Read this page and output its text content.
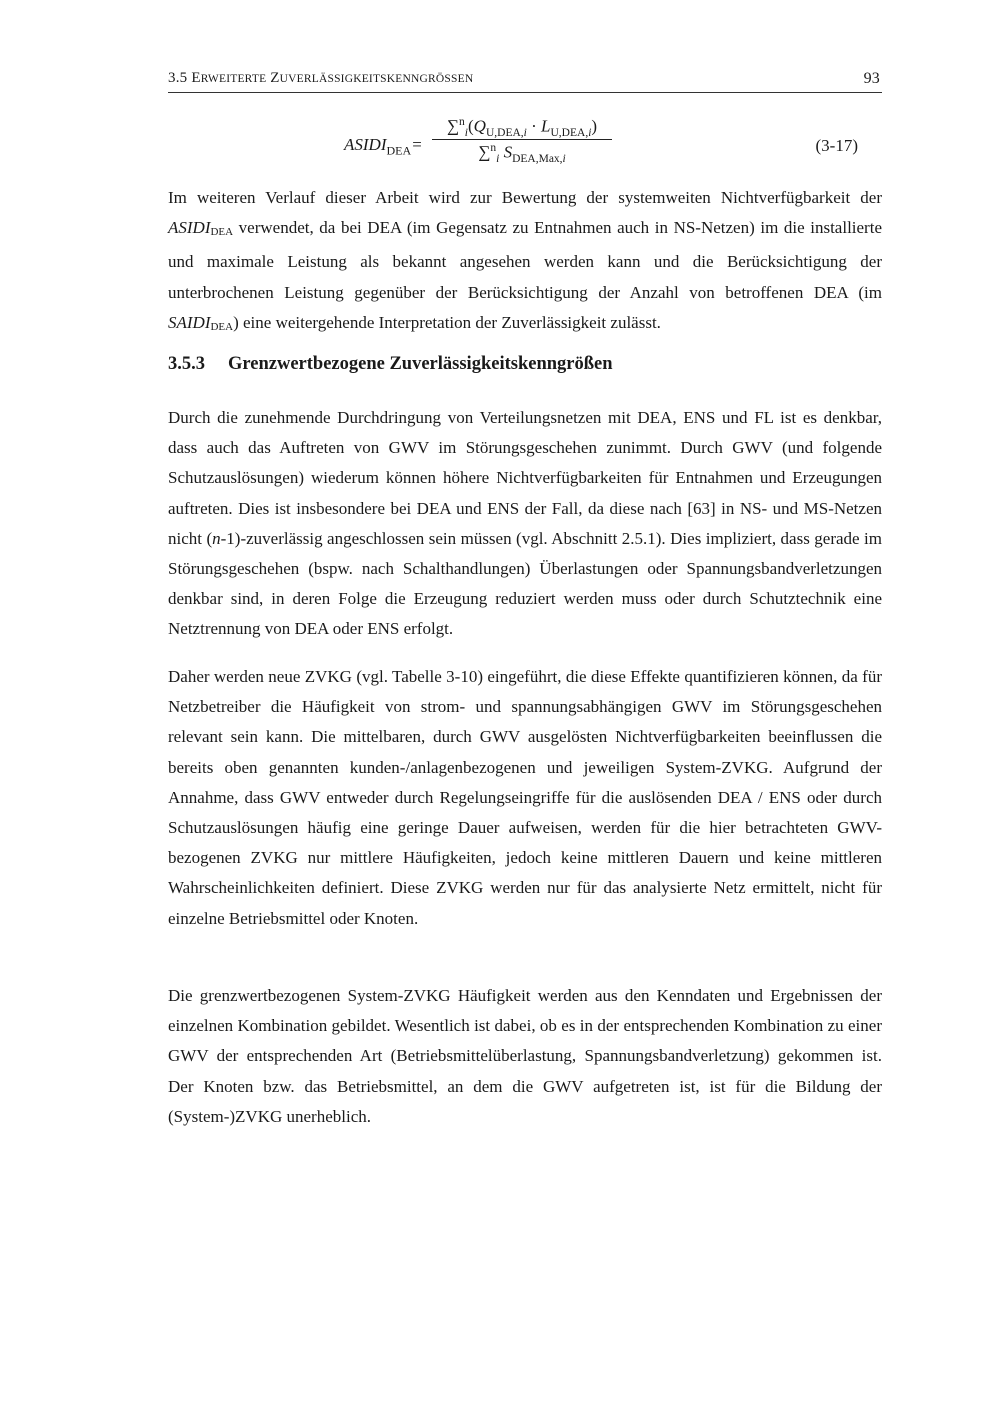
3.5 ERWEITERTE ZUVERLÄSSIGKEITSKENNGRÖSSEN	93
$ASIDI_{DEA}=$
$\sum^n_i(Q_{U,DEA,i} \cdot L_{U,DEA,i})$
∑$^n_i$ $S_{DEA,Max,i}$
(3-17)

Im weiteren Verlauf dieser Arbeit wird zur Bewertung der systemweiten Nichtverfügbarkeit der $ASIDI_{DEA}$ verwendet, da bei DEA (im Gegensatz zu Entnahmen auch in NS-Netzen) im die installierte und maximale Leistung als bekannt angesehen werden kann und die Berücksichtigung der unterbrochenen Leistung gegenüber der Berücksichtigung der Anzahl von betroffenen DEA (im $SAIDI_{DEA}$) eine weitergehende Interpretation der Zuverlässigkeit zulässt.

3.5.3 Grenzwertbezogene Zuverlässigkeitskenngrößen

Durch die zunehmende Durchdringung von Verteilungsnetzen mit DEA, ENS und FL ist es denkbar, dass auch das Auftreten von GWV im Störungsgeschehen zunimmt. Durch GWV (und folgende Schutzauslösungen) wiederum können höhere Nichtverfügbarkeiten für Entnahmen und Erzeugungen auftreten. Dies ist insbesondere bei DEA und ENS der Fall, da diese nach [63] in NS- und MS-Netzen nicht (n-1)-zuverlässig angeschlossen sein müssen (vgl. Abschnitt 2.5.1). Dies impliziert, dass gerade im Störungsgeschehen (bspw. nach Schalthandlungen) Überlastungen oder Spannungsbandverletzungen denkbar sind, in deren Folge die Erzeugung reduziert werden muss oder durch Schutztechnik eine Netztrennung von DEA oder ENS erfolgt.

Daher werden neue ZVKG (vgl. Tabelle 3-10) eingeführt, die diese Effekte quantifizieren können, da für Netzbetreiber die Häufigkeit von strom- und spannungsabhängigen GWV im Störungsgeschehen relevant sein kann. Die mittelbaren, durch GWV ausgelösten Nichtverfügbarkeiten beeinflussen die bereits oben genannten kunden-/anlagenbezogenen und jeweiligen System-ZVKG. Aufgrund der Annahme, dass GWV entweder durch Regelungseingriffe für die auslösenden DEA / ENS oder durch Schutzauslösungen häufig eine geringe Dauer aufweisen, werden für die hier betrachteten GWV-bezogenen ZVKG nur mittlere Häufigkeiten, jedoch keine mittleren Dauern und keine mittleren Wahrscheinlichkeiten definiert. Diese ZVKG werden nur für das analysierte Netz ermittelt, nicht für einzelne Betriebsmittel oder Knoten.

Die grenzwertbezogenen System-ZVKG Häufigkeit werden aus den Kenndaten und Ergebnissen der einzelnen Kombination gebildet. Wesentlich ist dabei, ob es in der entsprechenden Kombination zu einer GWV der entsprechenden Art (Betriebsmittelüberlastung, Spannungsbandverletzung) gekommen ist. Der Knoten bzw. das Betriebsmittel, an dem die GWV aufgetreten ist, ist für die Bildung der (System-)ZVKG unerheblich.
